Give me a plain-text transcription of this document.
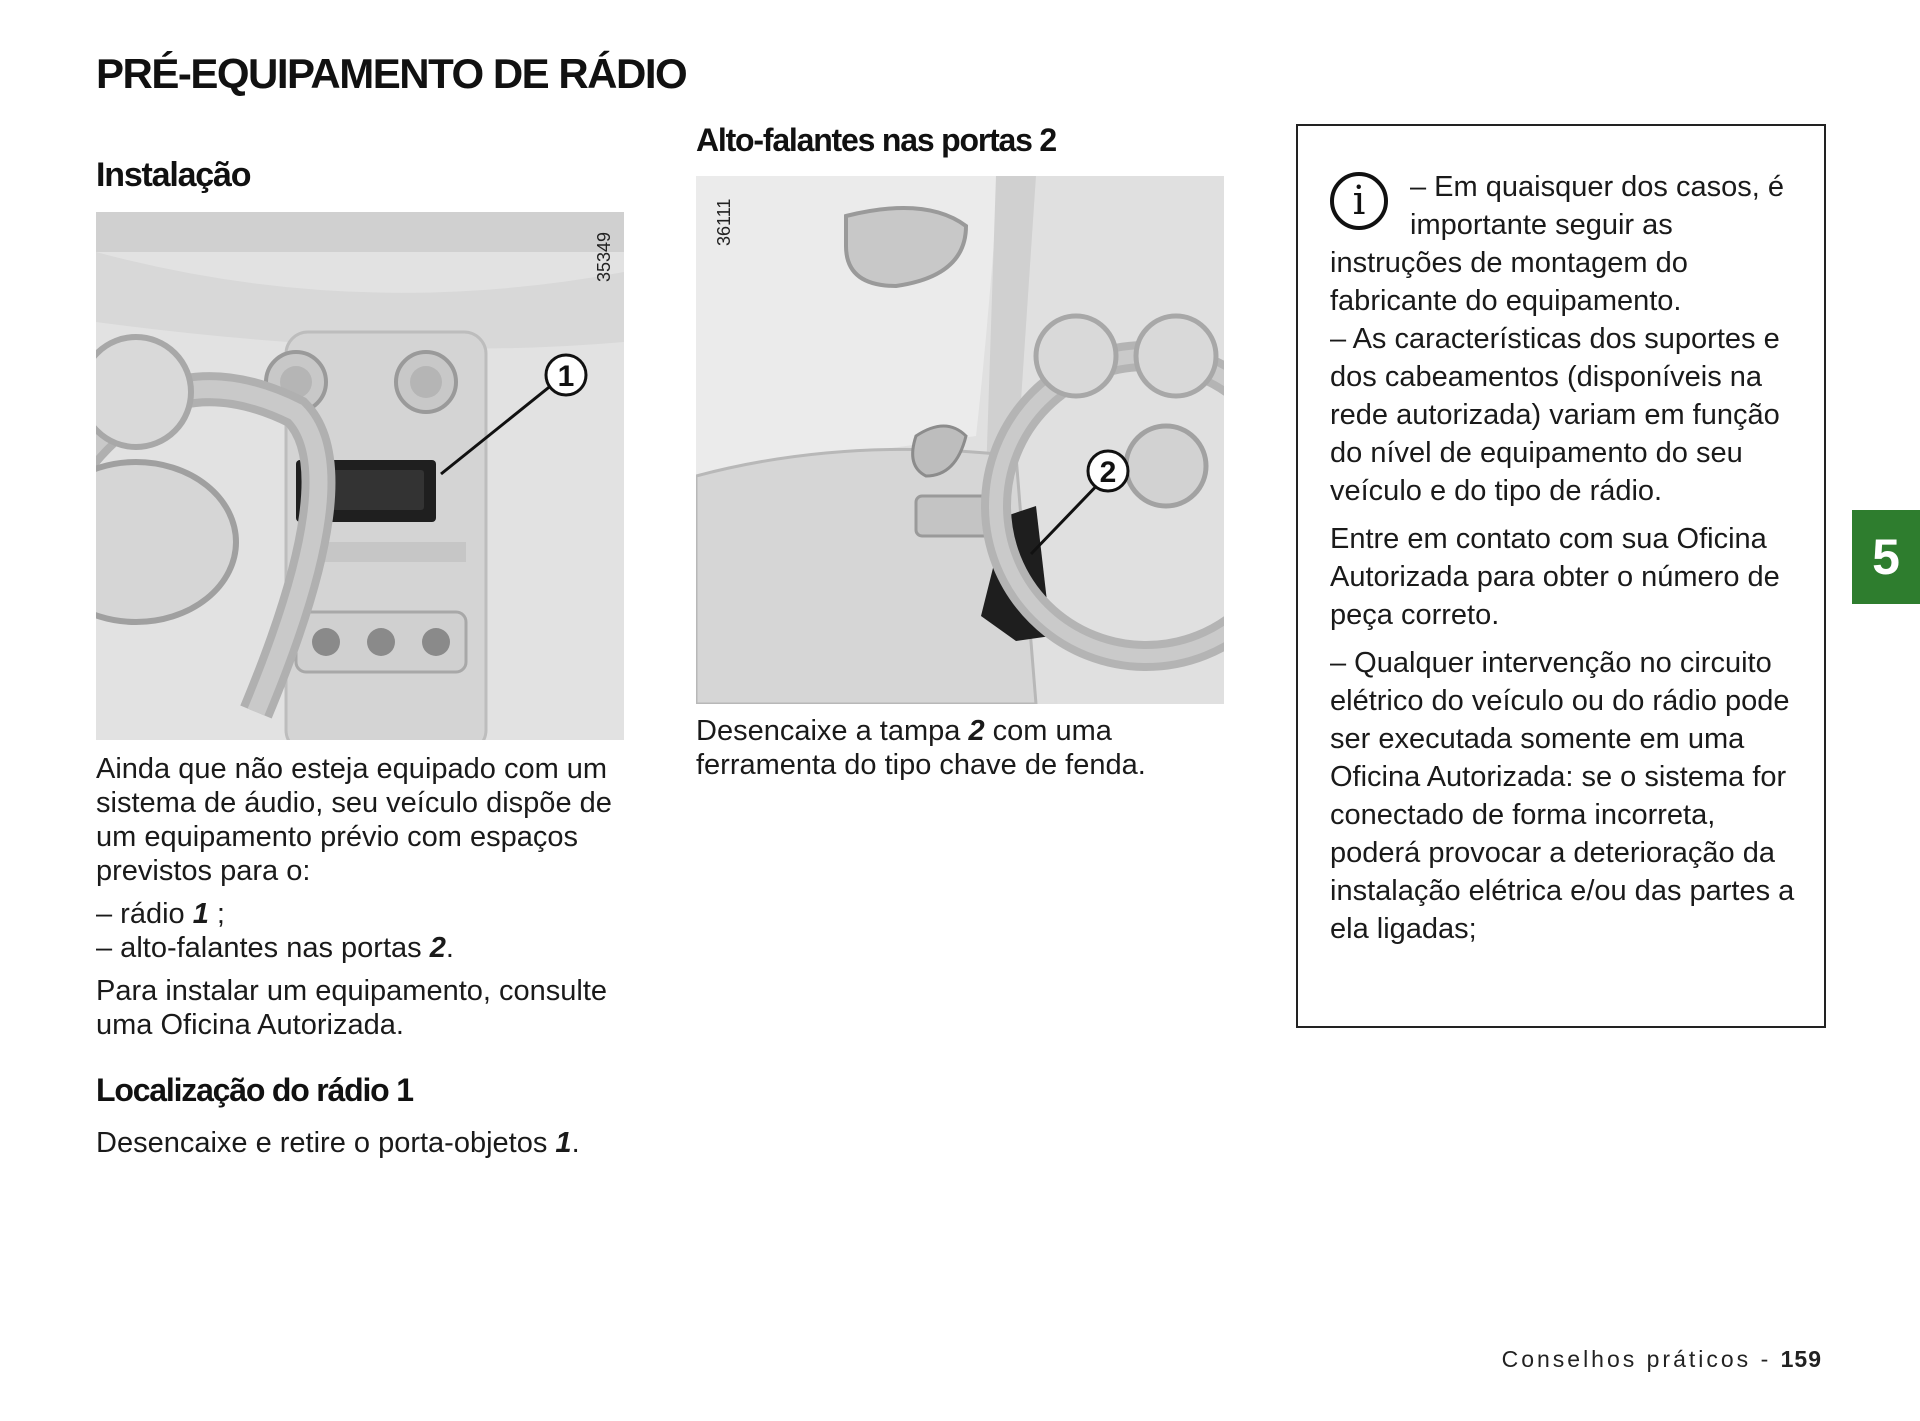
PRÉ-EQUIPAMENTO DE RÁDIO
Instalação
1
35349

Ainda que não esteja equipado com um sistema de áudio, seu veículo dispõe de um equipamento prévio com espaços previstos para o:

– rádio 1 ;
– alto-falantes nas portas 2.

Para instalar um equipamento, consulte uma Oficina Autorizada.

Localização do rádio 1
Desencaixe e retire o porta-objetos 1.
Alto-falantes nas portas 2
2
36111
Desencaixe a tampa 2 com uma ferramenta do tipo chave de fenda.
i	– Em quaisquer dos casos, é importante seguir as instruções de montagem do fabricante do equipamento.

– As características dos suportes e dos cabeamentos (disponíveis na rede autorizada) variam em função do nível de equipamento do seu veículo e do tipo de rádio.

Entre em contato com sua Oficina Autorizada para obter o número de peça correto.

– Qualquer intervenção no circuito elétrico do veículo ou do rádio pode ser executada somente em uma Oficina Autorizada: se o sistema for conectado de forma incorreta, poderá provocar a deterioração da instalação elétrica e/ou das partes a ela ligadas;

5
Conselhos práticos - 159
